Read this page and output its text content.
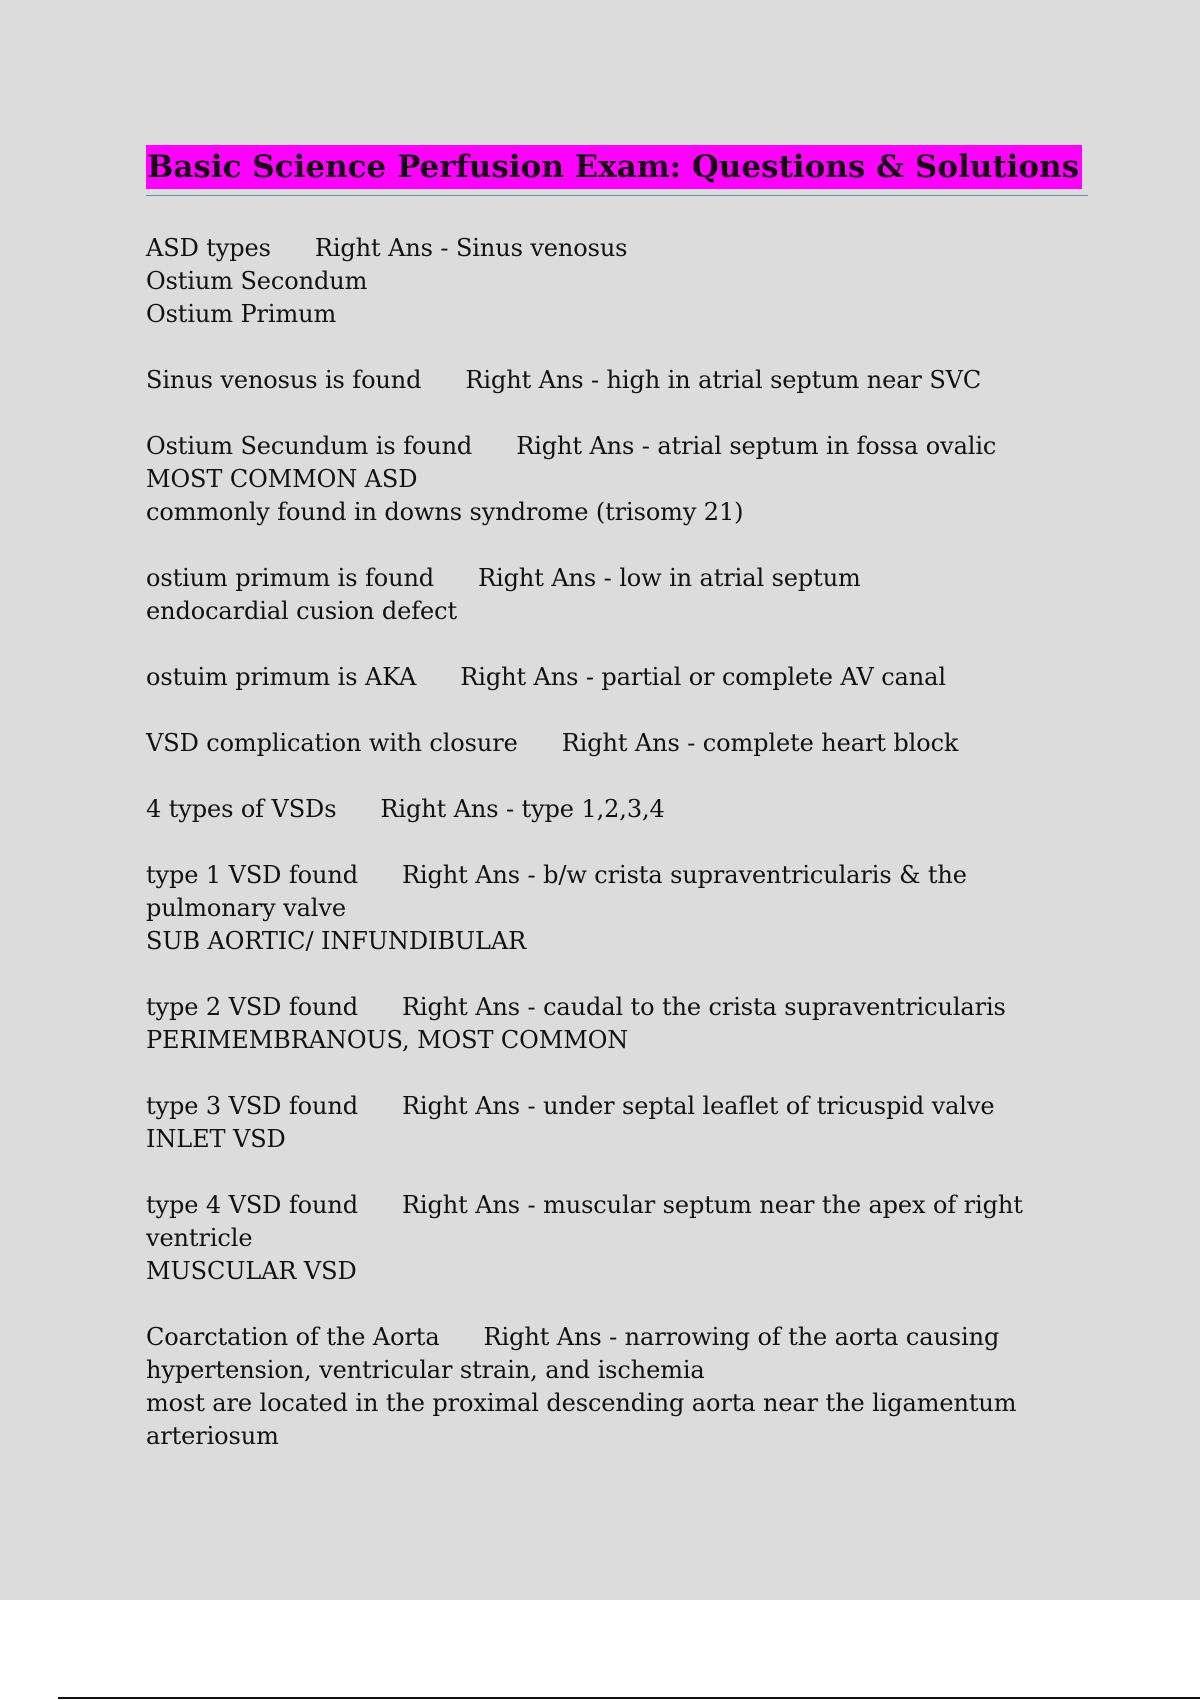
Basic Science Perfusion Exam: Questions & Solutions
ASD types Right Ans - Sinus venosus
Ostium Secondum
Ostium Primum
Sinus venosus is found Right Ans - high in atrial septum near SVC
Ostium Secundum is found Right Ans - atrial septum in fossa ovalic
MOST COMMON ASD
commonly found in downs syndrome (trisomy 21)
ostium primum is found Right Ans - low in atrial septum
endocardial cusion defect
ostuim primum is AKA Right Ans - partial or complete AV canal
VSD complication with closure Right Ans - complete heart block
4 types of VSDs Right Ans - type 1,2,3,4
type 1 VSD found Right Ans - b/w crista supraventricularis & the
pulmonary valve
SUB AORTIC/ INFUNDIBULAR
type 2 VSD found Right Ans - caudal to the crista supraventricularis
PERIMEMBRANOUS, MOST COMMON
type 3 VSD found Right Ans - under septal leaflet of tricuspid valve
INLET VSD
type 4 VSD found Right Ans - muscular septum near the apex of right
ventricle
MUSCULAR VSD
Coarctation of the Aorta Right Ans - narrowing of the aorta causing
hypertension, ventricular strain, and ischemia
most are located in the proximal descending aorta near the ligamentum
arteriosum
